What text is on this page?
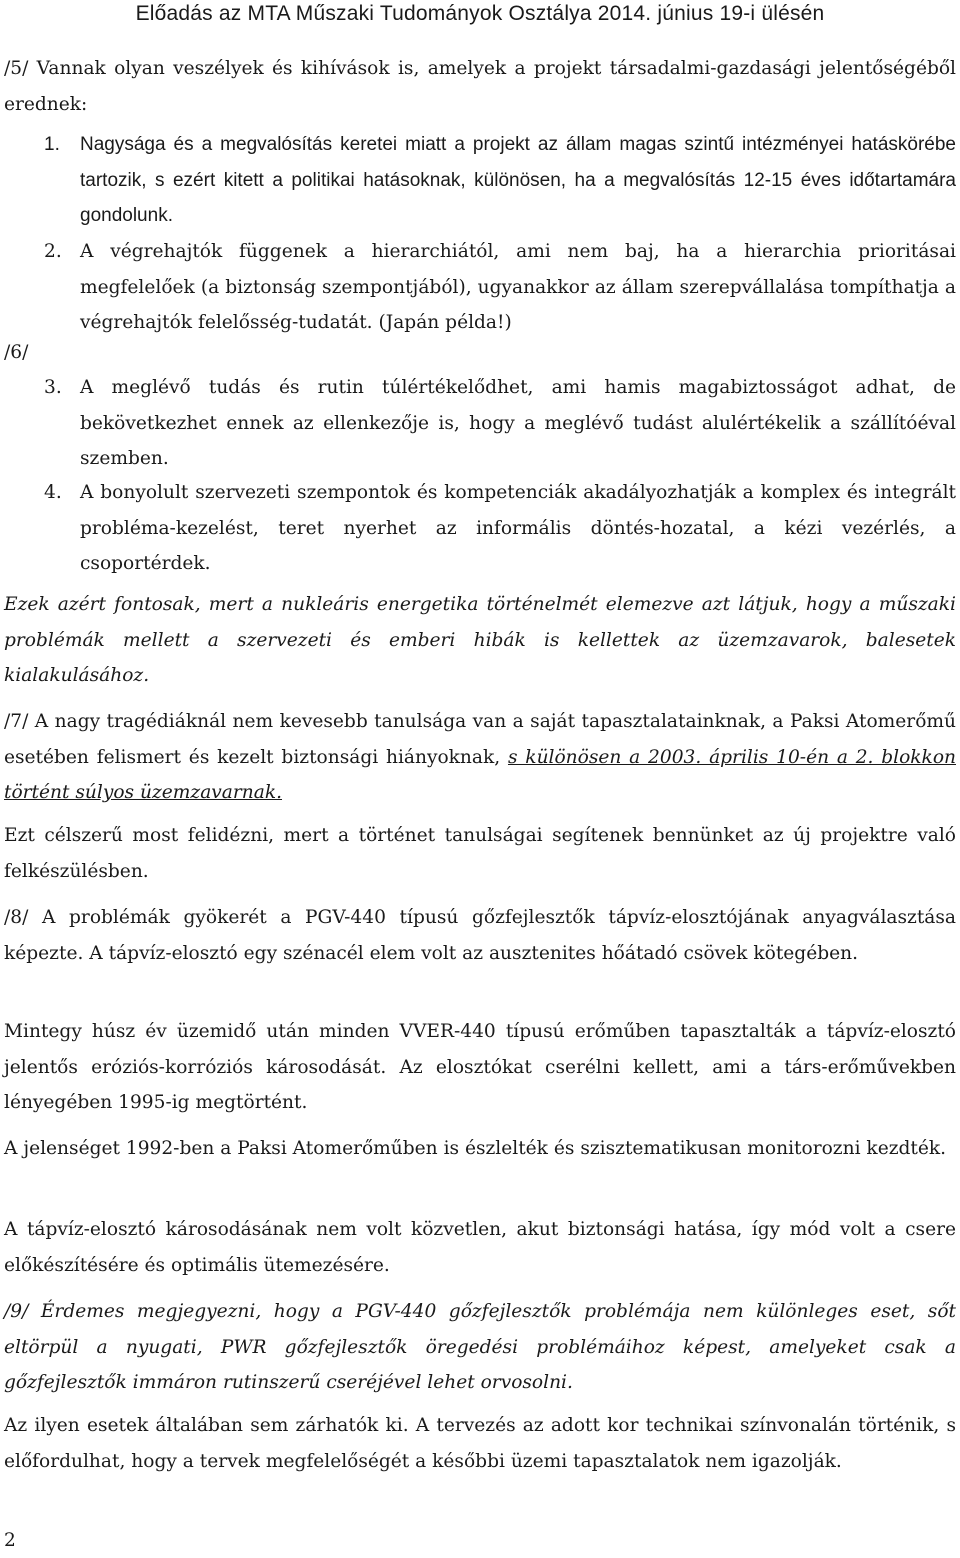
Előadás az MTA Műszaki Tudományok Osztálya 2014. június 19-i ülésén

/5/ Vannak olyan veszélyek és kihívások is, amelyek a projekt társadalmi-gazdasági jelentőségéből erednek:

1. Nagysága és a megvalósítás keretei miatt a projekt az állam magas szintű intézményei hatáskörébe tartozik, s ezért kitett a politikai hatásoknak, különösen, ha a megvalósítás 12-15 éves időtartamára gondolunk.
2. A végrehajtók függenek a hierarchiától, ami nem baj, ha a hierarchia prioritásai megfelelőek (a biztonság szempontjából), ugyanakkor az állam szerepvállalása tompíthatja a végrehajtók felelősség-tudatát. (Japán példa!)
/6/
3. A meglévő tudás és rutin túlértékelődhet, ami hamis magabiztosságot adhat, de bekövetkezhet ennek az ellenkezője is, hogy a meglévő tudást alulértékelik a szállítóéval szemben.
4. A bonyolult szervezeti szempontok és kompetenciák akadályozhatják a komplex és integrált probléma-kezelést, teret nyerhet az informális döntés-hozatal, a kézi vezérlés, a csoportérdek.

Ezek azért fontosak, mert a nukleáris energetika történelmét elemezve azt látjuk, hogy a műszaki problémák mellett a szervezeti és emberi hibák is kellettek az üzemzavarok, balesetek kialakulásához.

/7/ A nagy tragédiáknál nem kevesebb tanulsága van a saját tapasztalatainknak, a Paksi Atomerőmű esetében felismert és kezelt biztonsági hiányoknak, s különösen a 2003. április 10-én a 2. blokkon történt súlyos üzemzavarnak.

Ezt célszerű most felidézni, mert a történet tanulságai segítenek bennünket az új projektre való felkészülésben.

/8/ A problémák gyökerét a PGV-440 típusú gőzfejlesztők tápvíz-elosztójának anyagválasztása képezte. A tápvíz-elosztó egy szénacél elem volt az ausztenites hőátadó csövek kötegében.

Mintegy húsz év üzemidő után minden VVER-440 típusú erőműben tapasztalták a tápvíz-elosztó jelentős eróziós-korróziós károsodását. Az elosztókat cserélni kellett, ami a társ-erőművekben lényegében 1995-ig megtörtént.

A jelenséget 1992-ben a Paksi Atomerőműben is észlelték és szisztematikusan monitorozni kezdték.

A tápvíz-elosztó károsodásának nem volt közvetlen, akut biztonsági hatása, így mód volt a csere előkészítésére és optimális ütemezésére.

/9/ Érdemes megjegyezni, hogy a PGV-440 gőzfejlesztők problémája nem különleges eset, sőt eltörpül a nyugati, PWR gőzfejlesztők öregedési problémáihoz képest, amelyeket csak a gőzfejlesztők immáron rutinszerű cseréjével lehet orvosolni.

Az ilyen esetek általában sem zárhatók ki. A tervezés az adott kor technikai színvonalán történik, s előfordulhat, hogy a tervek megfelelőségét a későbbi üzemi tapasztalatok nem igazolják.

2
